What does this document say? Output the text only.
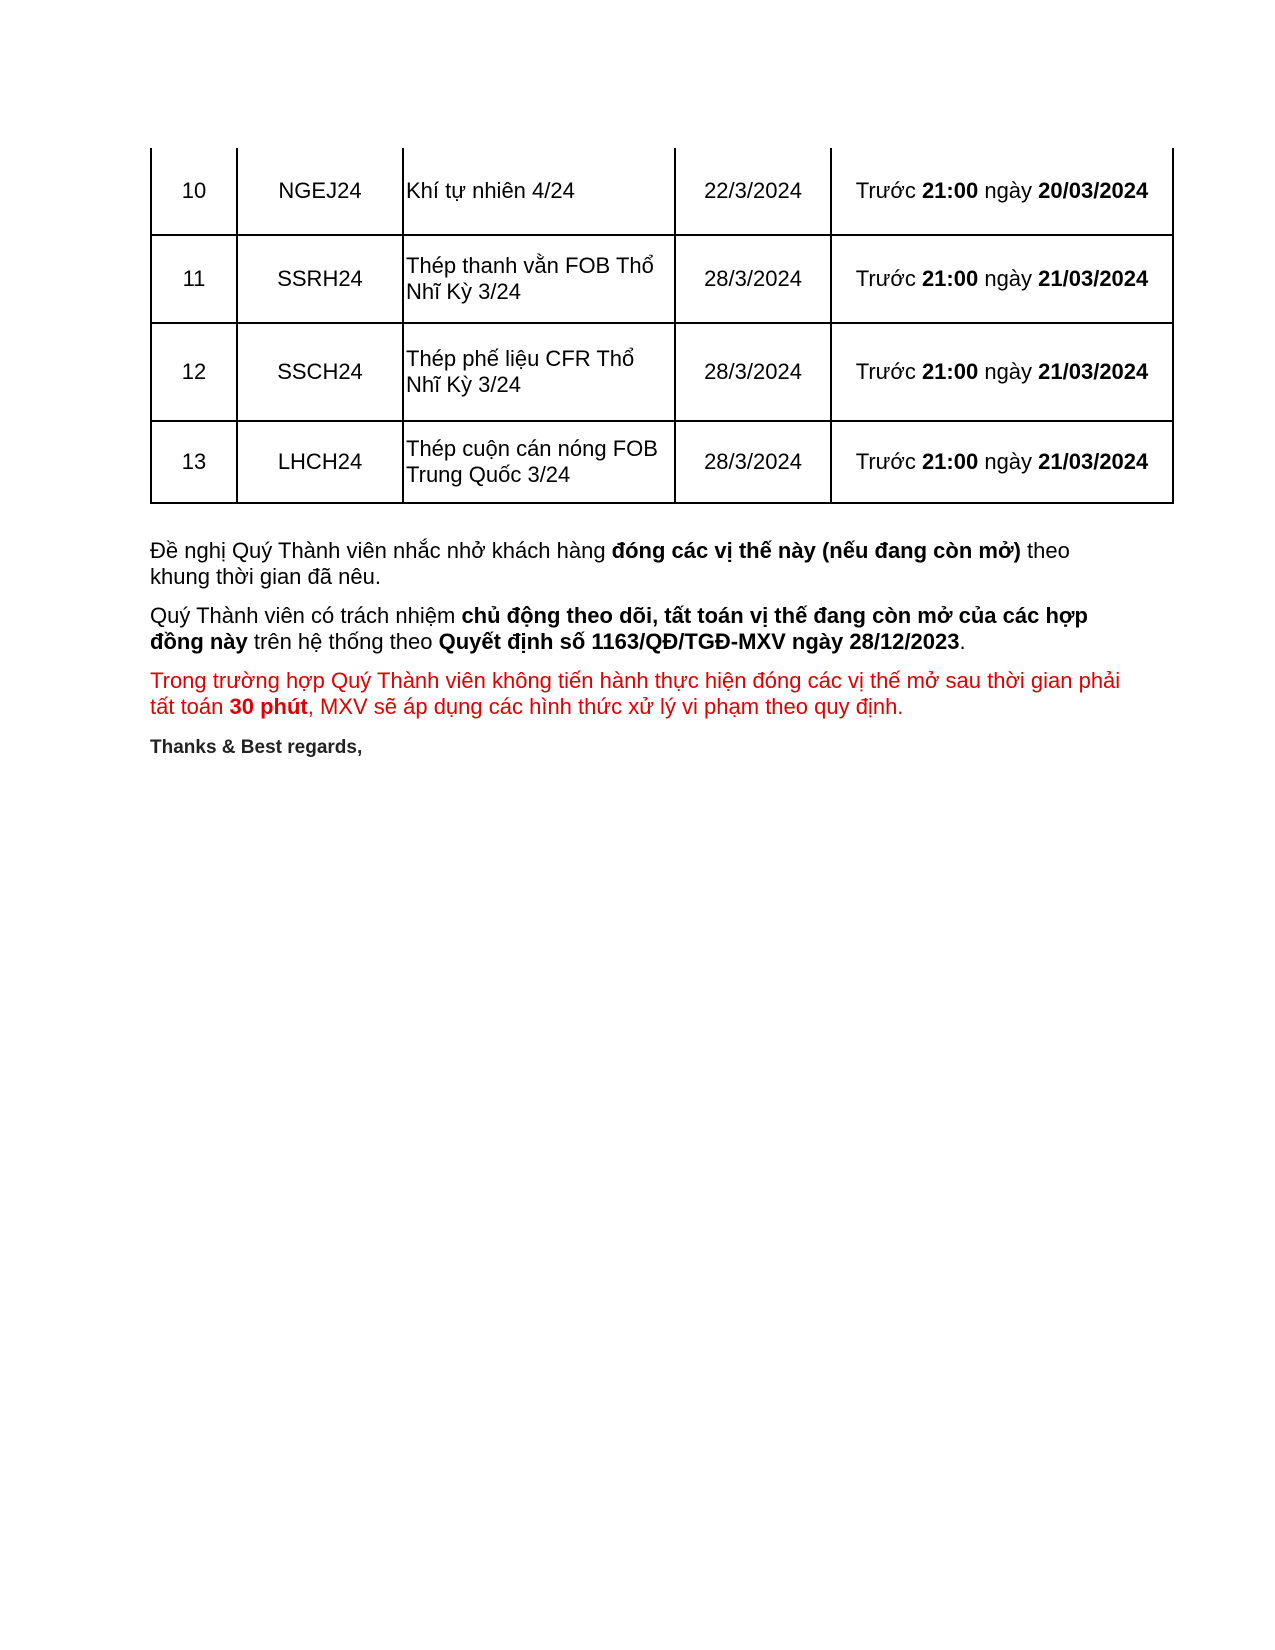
10	NGEJ24	Khí tự nhiên 4/24	22/3/2024	Trước 21:00 ngày 20/03/2024
11	SSRH24	Thép thanh vằn FOB Thổ Nhĩ Kỳ 3/24	28/3/2024	Trước 21:00 ngày 21/03/2024
12	SSCH24	Thép phế liệu CFR Thổ Nhĩ Kỳ 3/24	28/3/2024	Trước 21:00 ngày 21/03/2024
13	LHCH24	Thép cuộn cán nóng FOB Trung Quốc 3/24	28/3/2024	Trước 21:00 ngày 21/03/2024

Đề nghị Quý Thành viên nhắc nhở khách hàng đóng các vị thế này (nếu đang còn mở) theo khung thời gian đã nêu.

Quý Thành viên có trách nhiệm chủ động theo dõi, tất toán vị thế đang còn mở của các hợp đồng này trên hệ thống theo Quyết định số 1163/QĐ/TGĐ-MXV ngày 28/12/2023.

Trong trường hợp Quý Thành viên không tiến hành thực hiện đóng các vị thế mở sau thời gian phải tất toán 30 phút, MXV sẽ áp dụng các hình thức xử lý vi phạm theo quy định.

Thanks & Best regards,
